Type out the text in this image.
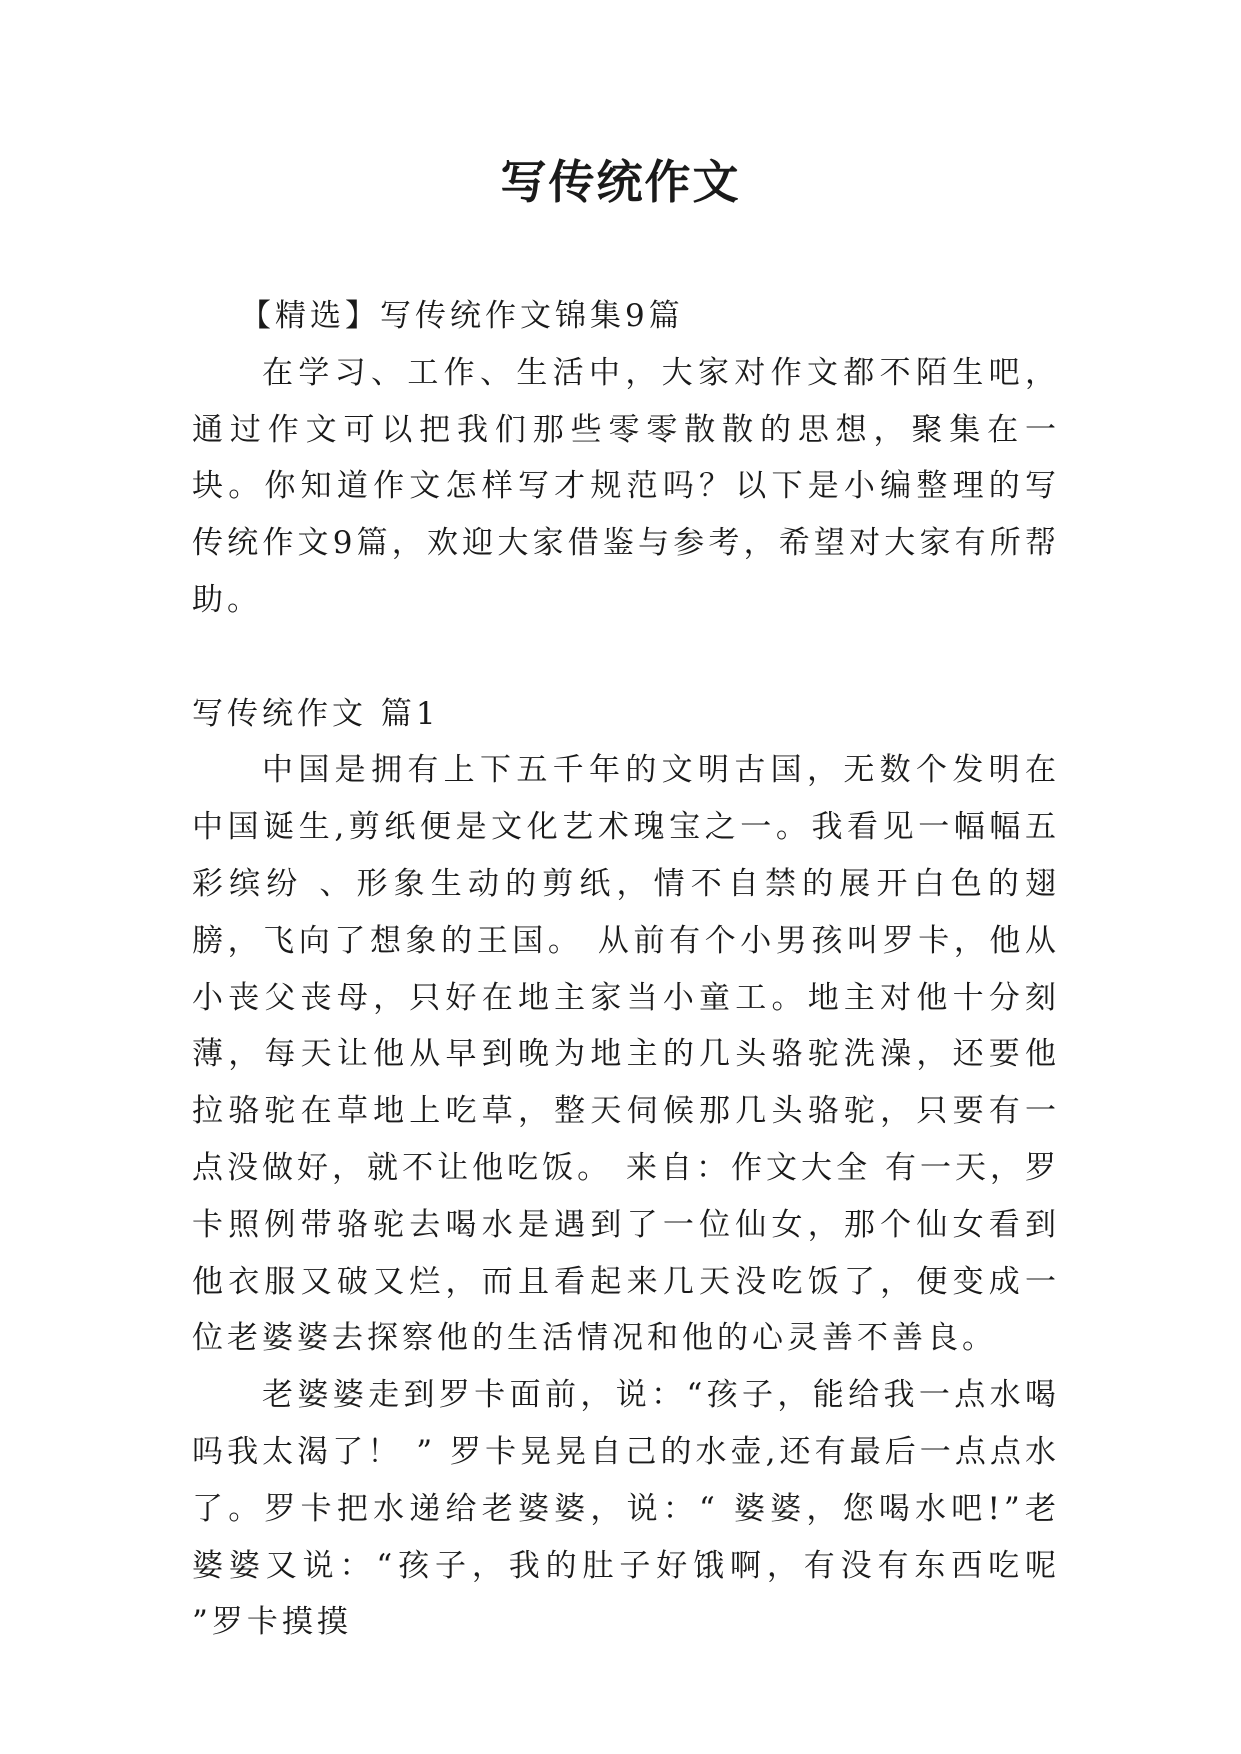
写传统作文

【精选】写传统作文锦集9篇

在学习、工作、生活中，大家对作文都不陌生吧，通过作文可以把我们那些零零散散的思想，聚集在一块。你知道作文怎样写才规范吗？以下是小编整理的写传统作文9篇，欢迎大家借鉴与参考，希望对大家有所帮助。

写传统作文 篇1

中国是拥有上下五千年的文明古国，无数个发明在中国诞生,剪纸便是文化艺术瑰宝之一。我看见一幅幅五彩缤纷 、形象生动的剪纸，情不自禁的展开白色的翅膀，飞向了想象的王国。 从前有个小男孩叫罗卡，他从小丧父丧母，只好在地主家当小童工。地主对他十分刻薄，每天让他从早到晚为地主的几头骆驼洗澡，还要他拉骆驼在草地上吃草，整天伺候那几头骆驼，只要有一点没做好，就不让他吃饭。 来自：作文大全 有一天，罗卡照例带骆驼去喝水是遇到了一位仙女，那个仙女看到他衣服又破又烂，而且看起来几天没吃饭了，便变成一位老婆婆去探察他的生活情况和他的心灵善不善良。

老婆婆走到罗卡面前，说：“孩子，能给我一点水喝吗我太渴了！ ” 罗卡晃晃自己的水壶,还有最后一点点水了。罗卡把水递给老婆婆，说：“ 婆婆，您喝水吧!”老婆婆又说：“孩子，我的肚子好饿啊，有没有东西吃呢 ”罗卡摸摸
